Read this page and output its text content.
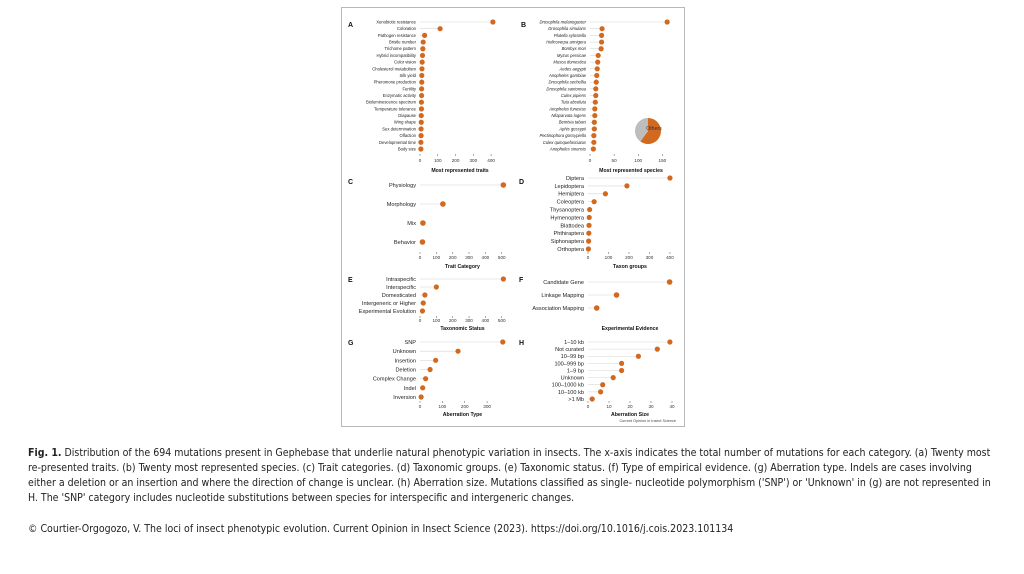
A
Xenobiotic resistance
Coloration
Pathogen resistance
Bristle number
Trichome pattern
Hybrid incompatibility
Color vision
Cholesterol metabolism
Silk yield
Pheromone production
Fertility
Enzymatic activity
Bioluminescence spectrum
Temperature tolerance
Diapause
Wing shape
Sex determination
Olfaction
Developmental time
Body size
0	100 200 300 400
Most represented traits
B
Drosophila melanogaster
Drosophila simulans
Plutella xylostella
Helicoverpa armigera
Bombyx mori
Myzus persicae
Musca domestica
Aedes aegypti
Anopheles gambiae
Drosophila sechellia
Drosophila santomea
Culex pipiens
Tuta absoluta
Anopheles funestus
Nilaparvata lugens
Bemisia tabaci
Aphis gossypii
Pectinophora gossypiella
Culex quinquefasciatus
Anopheles sinensis
0	50	100	150
Most represented species
Others
C	Physiology
Morphology
Mix
Behavior
0 100 200 300 400 500
Trait Category
D
Diptera
Lepidoptera
Hemiptera
Coleoptera
Thysanoptera
Hymenoptera
Blattodea
Phthiraptera
Siphonaptera
Orthoptera
0	100	200	300	400
Taxon groups
E	Intraspecific
Interspecific
Domesticated
Intergeneric or Higher
Experimental Evolution
0 100 200 300 400 500
Taxonomic Status
F	Candidate Gene
Linkage Mapping
Association Mapping
Experimental Evidence
G	SNP
Unknown
Insertion
Deletion
Complex Change
Indel
Inversion
0	100	200	300
Aberration Type
H	1–10 kb
Not curated
10–99 bp
100–999 bp
1–9 bp
Unknown
100–1000 kb
10–100 kb
>1 Mb
0	10	20	30	40
Aberration Size
Current Opinion in Insect Science

Fig. 1. Distribution of the 694 mutations present in Gephebase that underlie natural phenotypic variation in insects. The x-axis indicates the total number of mutations for each category. (a) Twenty most re-presented traits. (b) Twenty most represented species. (c) Trait categories. (d) Taxonomic groups. (e) Taxonomic status. (f) Type of empirical evidence. (g) Aberration type. Indels are cases involving either a deletion or an insertion and where the direction of change is unclear. (h) Aberration size. Mutations classified as single- nucleotide polymorphism ('SNP') or 'Unknown' in (g) are not represented in H. The 'SNP' category includes nucleotide substitutions between species for interspecific and intergeneric changes.

© Courtier-Orgogozo, V. The loci of insect phenotypic evolution. Current Opinion in Insect Science (2023). https://doi.org/10.1016/j.cois.2023.101134
